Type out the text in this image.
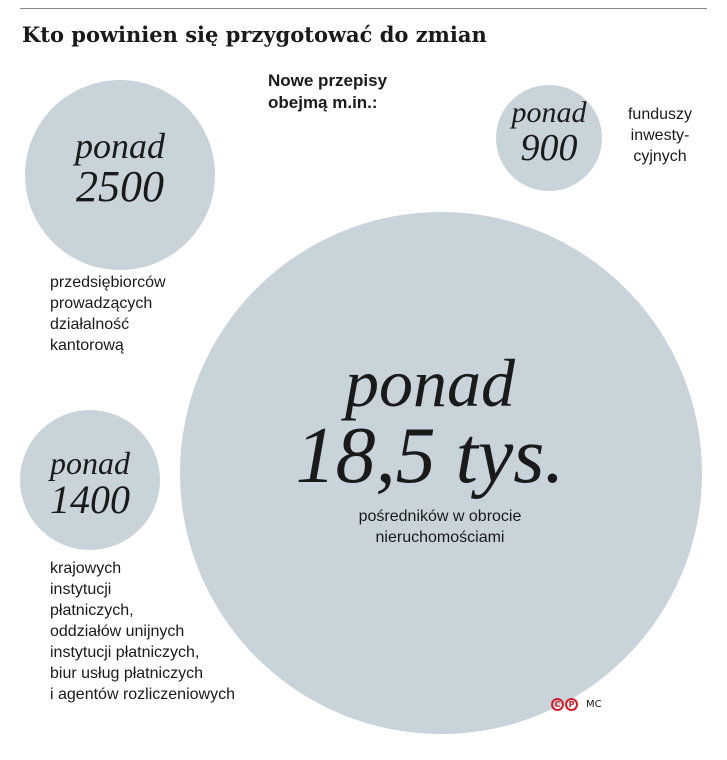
Kto powinien się przygotować do zmian
Nowe przepisy
obejmą m.in.:
ponad
2500
przedsiębiorców
prowadzących
działalność
kantorową
ponad
900
funduszy
inwesty-
cyjnych
ponad
18,5 tys.
pośredników w obrocie
nieruchomościami
ponad
1400
krajowych
instytucji
płatniczych,
oddziałów unijnych
instytucji płatniczych,
biur usług płatniczych
i agentów rozliczeniowych
C	P	MC
